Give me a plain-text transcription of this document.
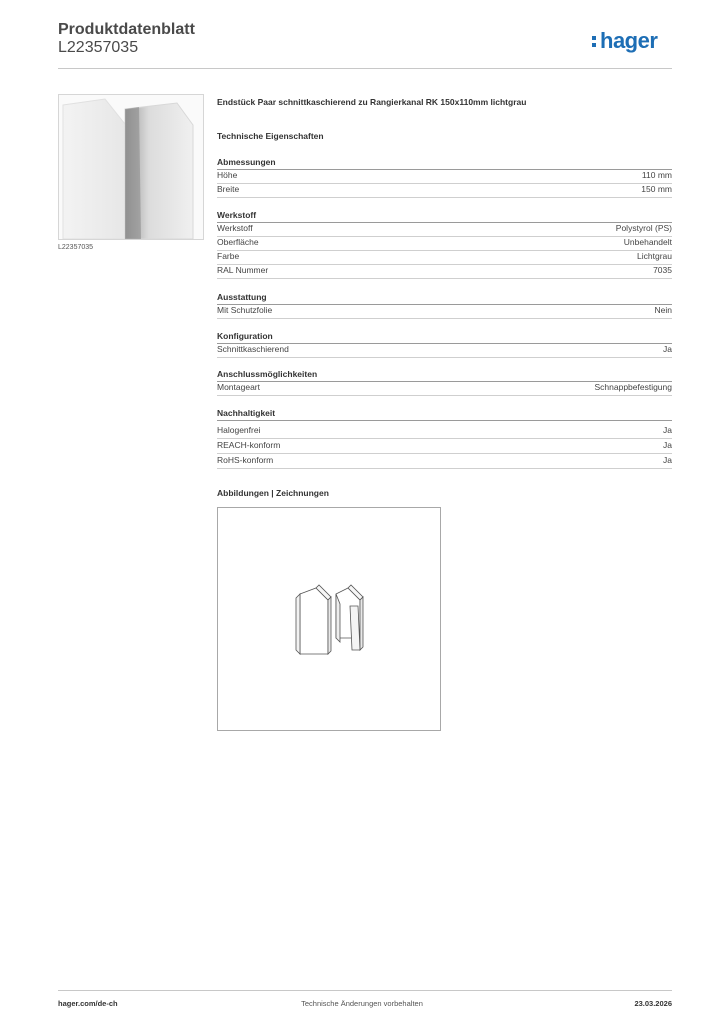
Produktdatenblatt
L22357035	hager
L22357035
Endstück Paar schnittkaschierend zu Rangierkanal RK 150x110mm lichtgrau
Technische Eigenschaften
Abmessungen
Höhe	110 mm
Breite	150 mm
Werkstoff
Werkstoff	Polystyrol (PS)
Oberfläche	Unbehandelt
Farbe	Lichtgrau
RAL Nummer	7035
Ausstattung
Mit Schutzfolie	Nein
Konfiguration
Schnittkaschierend	Ja
Anschlussmöglichkeiten
Montageart	Schnappbefestigung
Nachhaltigkeit
Halogenfrei	Ja
REACH-konform	Ja
RoHS-konform	Ja
Abbildungen | Zeichnungen
hager.com/de-ch	Technische Änderungen vorbehalten	23.03.2026
